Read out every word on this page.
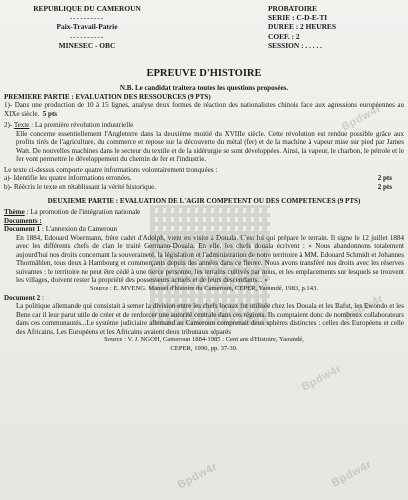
Bpdw4r
Bpdw4r
Bpdw4r
Bpdw4r	Bpdw4r
REPUBLIQUE DU CAMEROUN
----------
Paix-Travail-Patrie
----------
MINESEC - OBC
PROBATOIRE
SERIE : C-D-E-TI
DUREE : 2 HEURES
COEF. : 2
SESSION : . . . . .
EPREUVE D'HISTOIRE

N.B. Le candidat traitera toutes les questions proposées.

PREMIERE PARTIE : EVALUATION DES RESSOURCES (9 PTS)

1)- Dans une production de 10 à 15 lignes, analyse deux formes de réaction des nationalistes chinois face aux agressions européennes au XIXe siècle. 5 pts

2)- Texte : La première révolution industrielle

Elle concerne essentiellement l'Angleterre dans la deuxième moitié du XVIIIe siècle. Cette révolution est rendue possible grâce aux profits tirés de l'agriculture, du commerce et repose sur la découverte du métal (fer) et de la machine à vapeur mise sur pied par James Watt. De nouvelles machines dans le secteur du textile et de la sidérurgie se sont développées. Ainsi, la vapeur, le charbon, le pétrole et le fer vont permettre le développement du chemin de fer et l'industrie.

Le texte ci-dessus comporte quatre informations volontairement tronquées :

a)- Identifie les quatre informations erronées.	2 pts
b)- Réécris le texte en rétablissant la vérité historique.	2 pts

DEUXIEME PARTIE : EVALUATION DE L'AGIR COMPETENT OU DES COMPETENCES (9 PTS)

Thème : La promotion de l'intégration nationale

Documents :

Document 1 : L'annexion du Cameroun

En 1884, Edouard Woermann, frère cadet d'Adolph, vient en visite à Douala. C'est lui qui prépare le terrain. Il signe le 12 juillet 1884 avec les différents chefs de clan le traité Germano-Douala. En elle, les chefs douala écrivent : « Nous abandonnons totalement aujourd'hui nos droits concernant la souveraineté, la législation et l'administration de notre territoire à MM. Edouard Schmidt et Johannes Thormählen, tous deux à Hambourg et commerçants depuis des années dans ce fleuve. Nous avons transféré nos droits avec les réserves suivantes : le territoire ne peut être cédé à une tierce personne, les terrains cultivés par nous, et les emplacements sur lesquels se trouvent les villages, doivent rester la propriété des possesseurs actuels et de leurs descendants... »

Source : E. MVENG. Manuel d'histoire du Cameroun, CEPER, Yaoundé, 1983, p.143.

Document 2 :

La politique allemande qui consistait à semer la division entre les chefs locaux fut utilisée chez les Douala et les Bafut, les Ewondo et les Bene car il leur parut utile de créer et de renforcer une autorité centrale dans ces régions. Ils comptaient donc de nombreux collaborateurs dans ces communautés...Le système judiciaire allemand au Cameroun comprenait deux sphères distinctes : celles des Européens et celle des Africains. Les Européens et les Africains avaient deux tribunaux séparés

Source : V. J. NGOH, Cameroun 1884-1985 : Cent ans d'Histoire, Yaoundé,

CEPER, 1990, pp. 37-39.
